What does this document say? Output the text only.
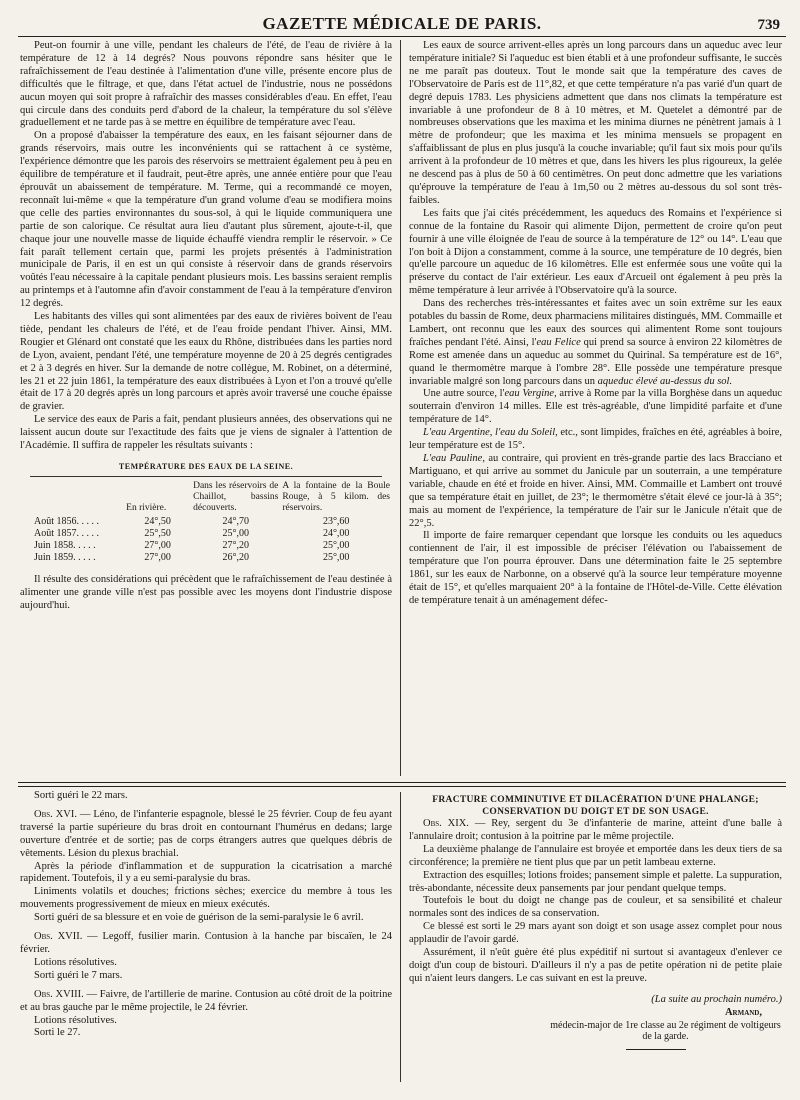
GAZETTE MÉDICALE DE PARIS.	739

Peut-on fournir à une ville, pendant les chaleurs de l'été, de l'eau de rivière à la température de 12 à 14 degrés? Nous pouvons répondre sans hésiter que le rafraîchissement de l'eau destinée à l'alimentation d'une ville, présente encore plus de difficultés que le filtrage, et que, dans l'état actuel de l'industrie, nous ne possédons aucun moyen qui soit propre à rafraîchir des masses considérables d'eau. En effet, l'eau qui circule dans des conduits perd d'abord de la chaleur, la température du sol s'élève graduellement et ne tarde pas à se mettre en équilibre de température avec l'eau.

On a proposé d'abaisser la température des eaux, en les faisant séjourner dans de grands réservoirs, mais outre les inconvénients qui se rattachent à ce système, l'expérience démontre que les parois des réservoirs se mettraient également peu à peu en équilibre de température et il faudrait, peut-être après, une année entière pour que l'eau éprouvât un abaissement de température. M. Terme, qui a recommandé ce moyen, reconnaît lui-même « que la température d'un grand volume d'eau se modifiera moins que celle des parties environnantes du sous-sol, à qui le liquide communiquera une partie de son calorique. Ce résultat aura lieu d'autant plus sûrement, ajoute-t-il, que chaque jour une nouvelle masse de liquide échauffé viendra remplir le réservoir. » Ce fait paraît tellement certain que, parmi les projets présentés à l'administration municipale de Paris, il en est un qui consiste à réservoir dans de grands réservoirs voûtés l'eau nécessaire à la capitale pendant plusieurs mois. Les bassins seraient remplis au printemps et à l'automne afin d'avoir constamment de l'eau à la température d'environ 12 degrés.

Les habitants des villes qui sont alimentées par des eaux de rivières boivent de l'eau tiède, pendant les chaleurs de l'été, et de l'eau froide pendant l'hiver. Ainsi, MM. Rougier et Glénard ont constaté que les eaux du Rhône, distribuées dans les parties nord de Lyon, avaient, pendant l'été, une température moyenne de 20 à 25 degrés centigrades et 2 à 3 degrés en hiver. Sur la demande de notre collègue, M. Robinet, on a déterminé, les 21 et 22 juin 1861, la température des eaux distribuées à Lyon et l'on a trouvé qu'elle était de 17 à 20 degrés après un long parcours et après avoir traversé une couche épaisse de gravier.

Le service des eaux de Paris a fait, pendant plusieurs années, des observations qui ne laissent aucun doute sur l'exactitude des faits que je viens de signaler à l'attention de l'Académie. Il suffira de rappeler les résultats suivants :

TEMPÉRATURE DES EAUX DE LA SEINE.
	En rivière.	Dans les réservoirs de Chaillot, bassins découverts.	A la fontaine de la Boule Rouge, à 5 kilom. des réservoirs.
Août 1856. . . . .	24°,50	24°,70	23°,60
Août 1857. . . . .	25°,50	25°,00	24°,00
Juin 1858. . . . .	27°,00	27°,20	25°,00
Juin 1859. . . . .	27°,00	26°,20	25°,00

Il résulte des considérations qui précèdent que le rafraîchissement de l'eau destinée à alimenter une grande ville n'est pas possible avec les moyens dont l'industrie dispose aujourd'hui.

Les eaux de source arrivent-elles après un long parcours dans un aqueduc avec leur température initiale? Si l'aqueduc est bien établi et à une profondeur suffisante, le succès ne me paraît pas douteux. Tout le monde sait que la température des caves de l'Observatoire de Paris est de 11°,82, et que cette température n'a pas varié d'un quart de degré depuis 1783. Les physiciens admettent que dans nos climats la température est invariable à une profondeur de 8 à 10 mètres, et M. Quetelet a démontré par de nombreuses observations que les maxima et les minima diurnes ne pénètrent jamais à 1 mètre de profondeur; que les maxima et les minima mensuels se propagent en s'affaiblissant de plus en plus jusqu'à la couche invariable; qu'il faut six mois pour qu'ils arrivent à la profondeur de 10 mètres et que, dans les hivers les plus rigoureux, la gelée ne descend pas à plus de 50 à 60 centimètres. On peut donc admettre que les variations qu'éprouve la température de l'eau à 1m,50 ou 2 mètres au-dessous du sol sont très-faibles.

Les faits que j'ai cités précédemment, les aqueducs des Romains et l'expérience si connue de la fontaine du Rasoir qui alimente Dijon, permettent de croire qu'on peut fournir à une ville éloignée de l'eau de source à la température de 12° ou 14°. L'eau que l'on boit à Dijon a constamment, comme à la source, une température de 10 degrés, bien qu'elle parcoure un aqueduc de 16 kilomètres. Elle est enfermée sous une voûte qui la préserve du contact de l'air extérieur. Les eaux d'Arcueil ont également à peu près la même température à leur arrivée à l'Observatoire qu'à la source.

Dans des recherches très-intéressantes et faites avec un soin extrême sur les eaux potables du bassin de Rome, deux pharmaciens militaires distingués, MM. Commaille et Lambert, ont reconnu que les eaux des sources qui alimentent Rome sont toujours fraîches pendant l'été. Ainsi, l'eau Felice qui prend sa source à environ 22 kilomètres de Rome est amenée dans un aqueduc au sommet du Quirinal. Sa température est de 16°, quand le thermomètre marque à l'ombre 28°. Elle possède une température presque invariable malgré son long parcours dans un aqueduc élevé au-dessus du sol.

Une autre source, l'eau Vergine, arrive à Rome par la villa Borghèse dans un aqueduc souterrain d'environ 14 milles. Elle est très-agréable, d'une limpidité parfaite et d'une température de 14°.

L'eau Argentine, l'eau du Soleil, etc., sont limpides, fraîches en été, agréables à boire, leur température est de 15°.

L'eau Pauline, au contraire, qui provient en très-grande partie des lacs Bracciano et Martiguano, et qui arrive au sommet du Janicule par un souterrain, a une température variable, chaude en été et froide en hiver. Ainsi, MM. Commaille et Lambert ont trouvé que sa température était en juillet, de 23°; le thermomètre s'était élevé ce jour-là à 35°; mais au moment de l'expérience, la température de l'air sur le Janicule n'était que de 22°,5.

Il importe de faire remarquer cependant que lorsque les conduits ou les aqueducs contiennent de l'air, il est impossible de préciser l'élévation ou l'abaissement de température que l'on pourra éprouver. Dans une détermination faite le 25 septembre 1861, sur les eaux de Narbonne, on a observé qu'à la source leur température moyenne était de 15°, et qu'elles marquaient 20° à la fontaine de l'Hôtel-de-Ville. Cette élévation de température tenait à un aménagement défec-

Sorti guéri le 22 mars.

Obs. XVI. — Léno, de l'infanterie espagnole, blessé le 25 février. Coup de feu ayant traversé la partie supérieure du bras droit en contournant l'humérus en dedans; large ouverture d'entrée et de sortie; pas de corps étrangers autres que quelques débris de vêtements. Lésion du plexus brachial.

Après la période d'inflammation et de suppuration la cicatrisation a marché rapidement. Toutefois, il y a eu semi-paralysie du bras.

Liniments volatils et douches; frictions sèches; exercice du membre à tous les mouvements progressivement de mieux en mieux exécutés.

Sorti guéri de sa blessure et en voie de guérison de la semi-paralysie le 6 avril.

Obs. XVII. — Legoff, fusilier marin. Contusion à la hanche par biscaïen, le 24 février.

Lotions résolutives.

Sorti guéri le 7 mars.

Obs. XVIII. — Faivre, de l'artillerie de marine. Contusion au côté droit de la poitrine et au bras gauche par le même projectile, le 24 février.

Lotions résolutives.

Sorti le 27.

FRACTURE COMMINUTIVE ET DILACÉRATION D'UNE PHALANGE; CONSERVATION DU DOIGT ET DE SON USAGE.

Obs. XIX. — Rey, sergent du 3e d'infanterie de marine, atteint d'une balle à l'annulaire droit; contusion à la poitrine par le même projectile.

La deuxième phalange de l'annulaire est broyée et emportée dans les deux tiers de sa circonférence; la première ne tient plus que par un petit lambeau externe.

Extraction des esquilles; lotions froides; pansement simple et palette. La suppuration, très-abondante, nécessite deux pansements par jour pendant quelque temps.

Toutefois le bout du doigt ne change pas de couleur, et sa sensibilité et chaleur normales sont des indices de sa conservation.

Ce blessé est sorti le 29 mars ayant son doigt et son usage assez complet pour nous applaudir de l'avoir gardé.

Assurément, il n'eût guère été plus expéditif ni surtout si avantageux d'enlever ce doigt d'un coup de bistouri. D'ailleurs il n'y a pas de petite opération ni de petite plaie qui n'aient leurs dangers. Le cas suivant en est la preuve.

(La suite au prochain numéro.)

Armand,

médecin-major de 1re classe au 2e régiment de voltigeurs de la garde.
